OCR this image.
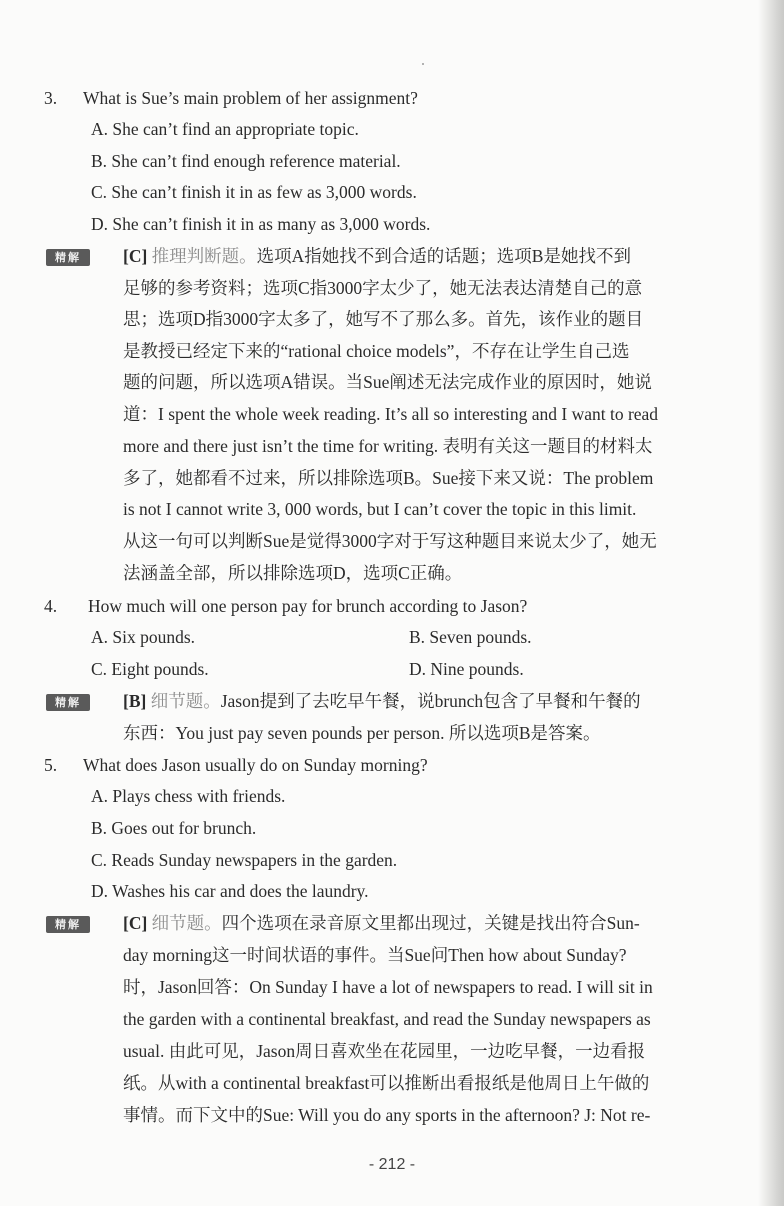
3. What is Sue’s main problem of her assignment?
A. She can’t find an appropriate topic.
B. She can’t find enough reference material.
C. She can’t finish it in as few as 3,000 words.
D. She can’t finish it in as many as 3,000 words.
精解	[C] 推理判断题。选项A指她找不到合适的话题；选项B是她找不到
足够的参考资料；选项C指3000字太少了，她无法表达清楚自己的意
思；选项D指3000字太多了，她写不了那么多。首先，该作业的题目
是教授已经定下来的“rational choice models”，不存在让学生自己选
题的问题，所以选项A错误。当Sue阐述无法完成作业的原因时，她说
道：I spent the whole week reading. It’s all so interesting and I want to read
more and there just isn’t the time for writing. 表明有关这一题目的材料太
多了，她都看不过来，所以排除选项B。Sue接下来又说：The problem
is not I cannot write 3, 000 words, but I can’t cover the topic in this limit.
从这一句可以判断Sue是觉得3000字对于写这种题目来说太少了，她无
法涵盖全部，所以排除选项D，选项C正确。
4. How much will one person pay for brunch according to Jason?
A. Six pounds.	B. Seven pounds.
C. Eight pounds.	D. Nine pounds.
精解	[B] 细节题。Jason提到了去吃早午餐，说brunch包含了早餐和午餐的
东西：You just pay seven pounds per person. 所以选项B是答案。
5. What does Jason usually do on Sunday morning?
A. Plays chess with friends.
B. Goes out for brunch.
C. Reads Sunday newspapers in the garden.
D. Washes his car and does the laundry.
精解	[C] 细节题。四个选项在录音原文里都出现过，关键是找出符合Sun-
day morning这一时间状语的事件。当Sue问Then how about Sunday?
时，Jason回答：On Sunday I have a lot of newspapers to read. I will sit in
the garden with a continental breakfast, and read the Sunday newspapers as
usual. 由此可见，Jason周日喜欢坐在花园里，一边吃早餐，一边看报
纸。从with a continental breakfast可以推断出看报纸是他周日上午做的
事情。而下文中的Sue: Will you do any sports in the afternoon? J: Not re-
- 212 -
